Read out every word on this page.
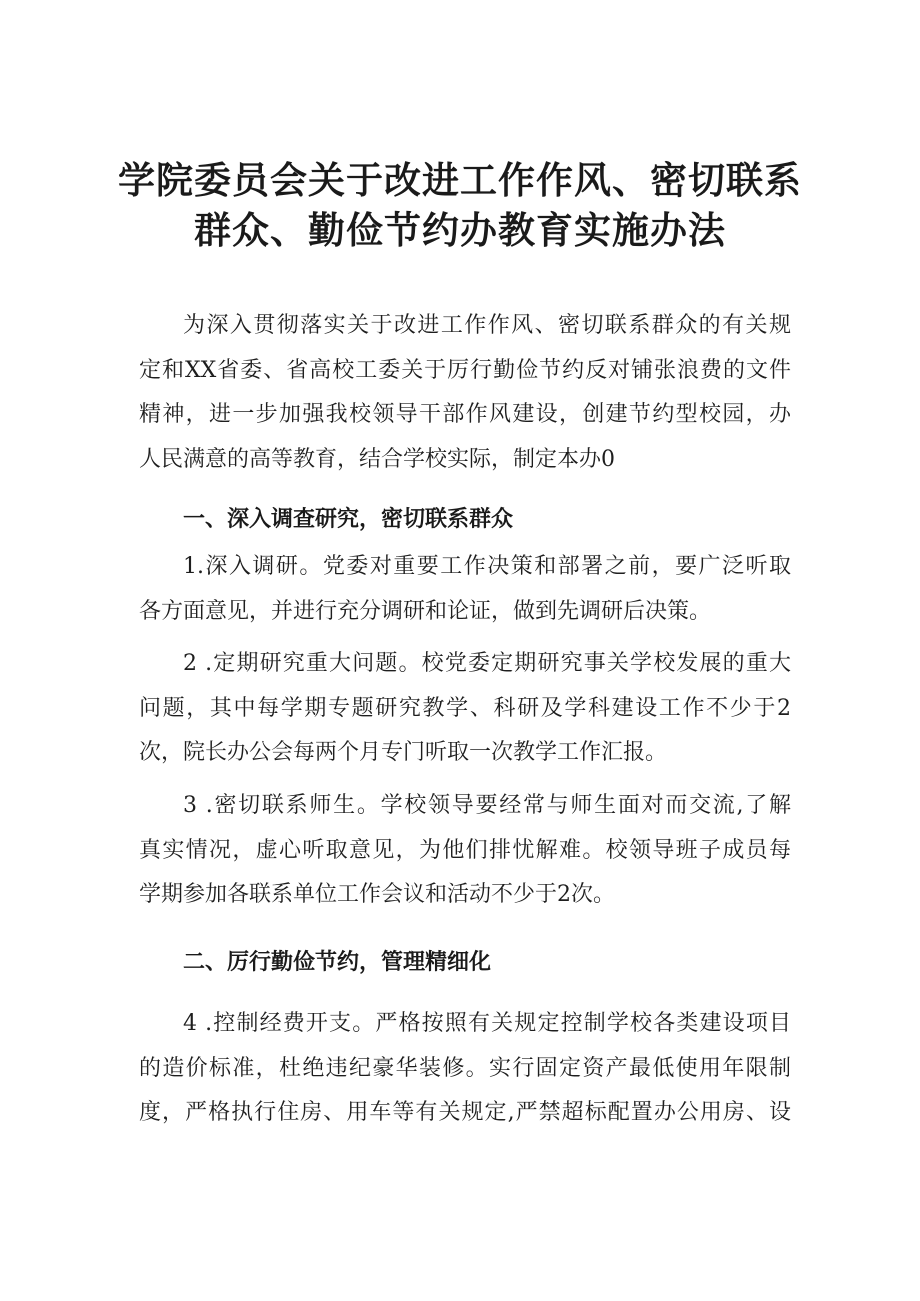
学院委员会关于改进工作作风、密切联系
群众、勤俭节约办教育实施办法
为深入贯彻落实关于改进工作作风、密切联系群众的有关规
定和XX省委、省高校工委关于厉行勤俭节约反对铺张浪费的文件
精神，进一步加强我校领导干部作风建设，创建节约型校园，办
人民满意的高等教育，结合学校实际，制定本办0
一、深入调查研究，密切联系群众
1.深入调研。党委对重要工作决策和部署之前，要广泛听取
各方面意见，并进行充分调研和论证，做到先调研后决策。
2 .定期研究重大问题。校党委定期研究事关学校发展的重大
问题，其中每学期专题研究教学、科研及学科建设工作不少于2
次，院长办公会每两个月专门听取一次教学工作汇报。
3 .密切联系师生。学校领导要经常与师生面对而交流,了解
真实情况，虚心听取意见，为他们排忧解难。校领导班子成员每
学期参加各联系单位工作会议和活动不少于2次。
二、厉行勤俭节约，管理精细化
4 .控制经费开支。严格按照有关规定控制学校各类建设项目
的造价标准，杜绝违纪豪华装修。实行固定资产最低使用年限制
度，严格执行住房、用车等有关规定,严禁超标配置办公用房、设
